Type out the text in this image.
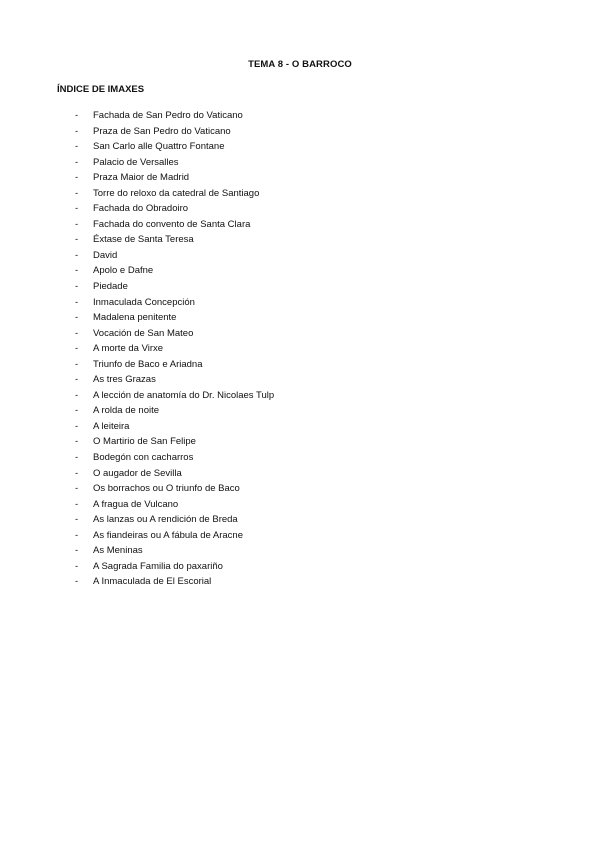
TEMA 8 - O BARROCO
ÍNDICE DE IMAXES
- Fachada de San Pedro do Vaticano
- Praza de San Pedro do Vaticano
- San Carlo alle Quattro Fontane
- Palacio de Versalles
- Praza Maior de Madrid
- Torre do reloxo da catedral de Santiago
- Fachada do Obradoiro
- Fachada do convento de Santa Clara
- Éxtase de Santa Teresa
- David
- Apolo e Dafne
- Piedade
- Inmaculada Concepción
- Madalena penitente
- Vocación de San Mateo
- A morte da Virxe
- Triunfo de Baco e Ariadna
- As tres Grazas
- A lección de anatomía do Dr. Nicolaes Tulp
- A rolda de noite
- A leiteira
- O Martirio de San Felipe
- Bodegón con cacharros
- O augador de Sevilla
- Os borrachos ou O triunfo de Baco
- A fragua de Vulcano
- As lanzas ou A rendición de Breda
- As fiandeiras ou A fábula de Aracne
- As Meninas
- A Sagrada Familia do paxariño
- A Inmaculada de El Escorial
